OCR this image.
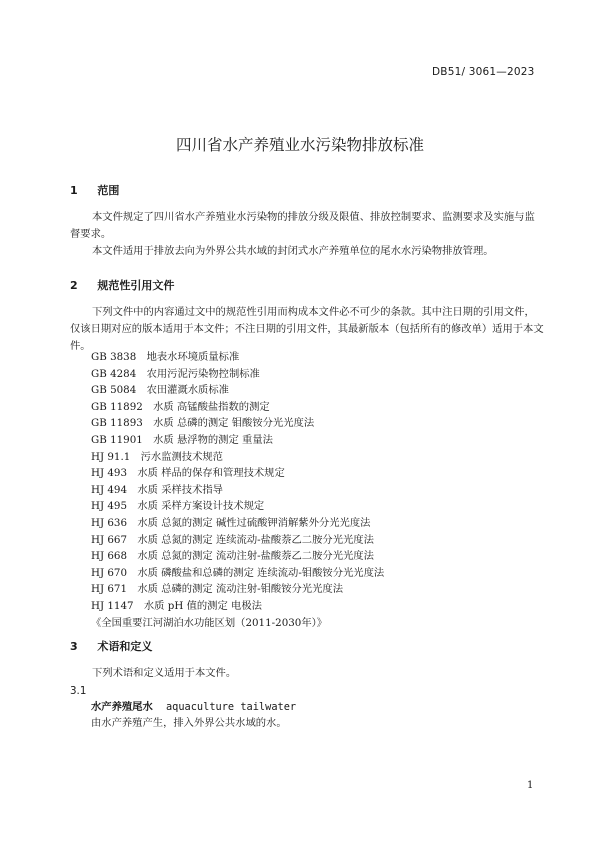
DB51/ 3061—2023
四川省水产养殖业水污染物排放标准
1 范围
本文件规定了四川省水产养殖业水污染物的排放分级及限值、排放控制要求、监测要求及实施与监督要求。
本文件适用于排放去向为外界公共水域的封闭式水产养殖单位的尾水水污染物排放管理。
2 规范性引用文件
下列文件中的内容通过文中的规范性引用而构成本文件必不可少的条款。其中注日期的引用文件，仅该日期对应的版本适用于本文件；不注日期的引用文件，其最新版本（包括所有的修改单）适用于本文件。
GB 3838　地表水环境质量标准
GB 4284　农用污泥污染物控制标准
GB 5084　农田灌溉水质标准
GB 11892　水质 高锰酸盐指数的测定
GB 11893　水质 总磷的测定 钼酸铵分光光度法
GB 11901　水质 悬浮物的测定 重量法
HJ 91.1　污水监测技术规范
HJ 493　水质 样品的保存和管理技术规定
HJ 494　水质 采样技术指导
HJ 495　水质 采样方案设计技术规定
HJ 636　水质 总氮的测定 碱性过硫酸钾消解紫外分光光度法
HJ 667　水质 总氮的测定 连续流动-盐酸萘乙二胺分光光度法
HJ 668　水质 总氮的测定 流动注射-盐酸萘乙二胺分光光度法
HJ 670　水质 磷酸盐和总磷的测定 连续流动-钼酸铵分光光度法
HJ 671　水质 总磷的测定 流动注射-钼酸铵分光光度法
HJ 1147　水质 pH 值的测定 电极法
《全国重要江河湖泊水功能区划（2011-2030年）》
3 术语和定义
下列术语和定义适用于本文件。
3.1
水产养殖尾水 aquaculture tailwater
由水产养殖产生，排入外界公共水域的水。
1
